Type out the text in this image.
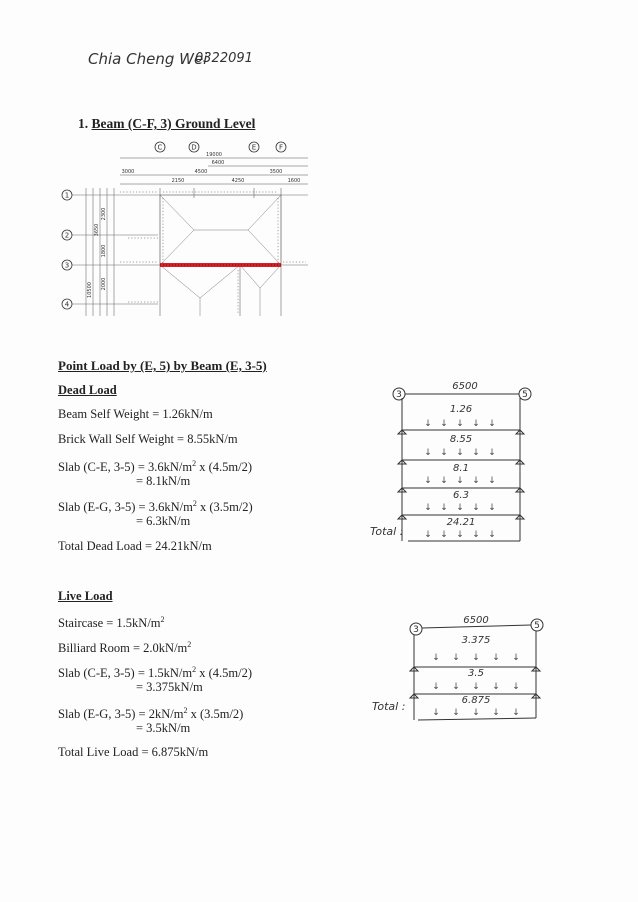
Chia Cheng Wei
0322091
1. Beam (C-F, 3) Ground Level
C	D	E	F
19000
6400
3000	4500	3500
2150	4250	1600
1
2
3
4
10500
3650
2300
1800
2000
Point Load by (E, 5) by Beam (E, 3-5)
Dead Load
Beam Self Weight = 1.26kN/m
Brick Wall Self Weight = 8.55kN/m
Slab (C-E, $3-5) = 3.6kN/m^2$ x (4.5m/2)
= 8.1kN/m
Slab (E-G, $3-5) = 3.6kN/m^2$ x (3.5m/2)
= 6.3kN/m
Total Dead Load = 24.21kN/m
Live Load
Staircase = $1.5kN/m^2$
Billiard Room = $2.0kN/m^2$
Slab (C-E, $3-5) = 1.5kN/m^2$ x (4.5m/2)
= 3.375kN/m
Slab (E-G, $3-5) = 2kN/m^2$ x (3.5m/2)
= 3.5kN/m
Total Live Load = 6.875kN/m
3	5
6500
1.26
8.55
8.1
6.3
24.21
↓ ↓ ↓ ↓ ↓
↓ ↓ ↓ ↓ ↓
↓ ↓ ↓ ↓ ↓
↓ ↓ ↓ ↓ ↓
↓ ↓ ↓ ↓ ↓
Total :
3	5
6500
3.375
3.5
6.875
↓ ↓ ↓ ↓ ↓
↓ ↓ ↓ ↓ ↓
↓ ↓ ↓ ↓ ↓
Total :
